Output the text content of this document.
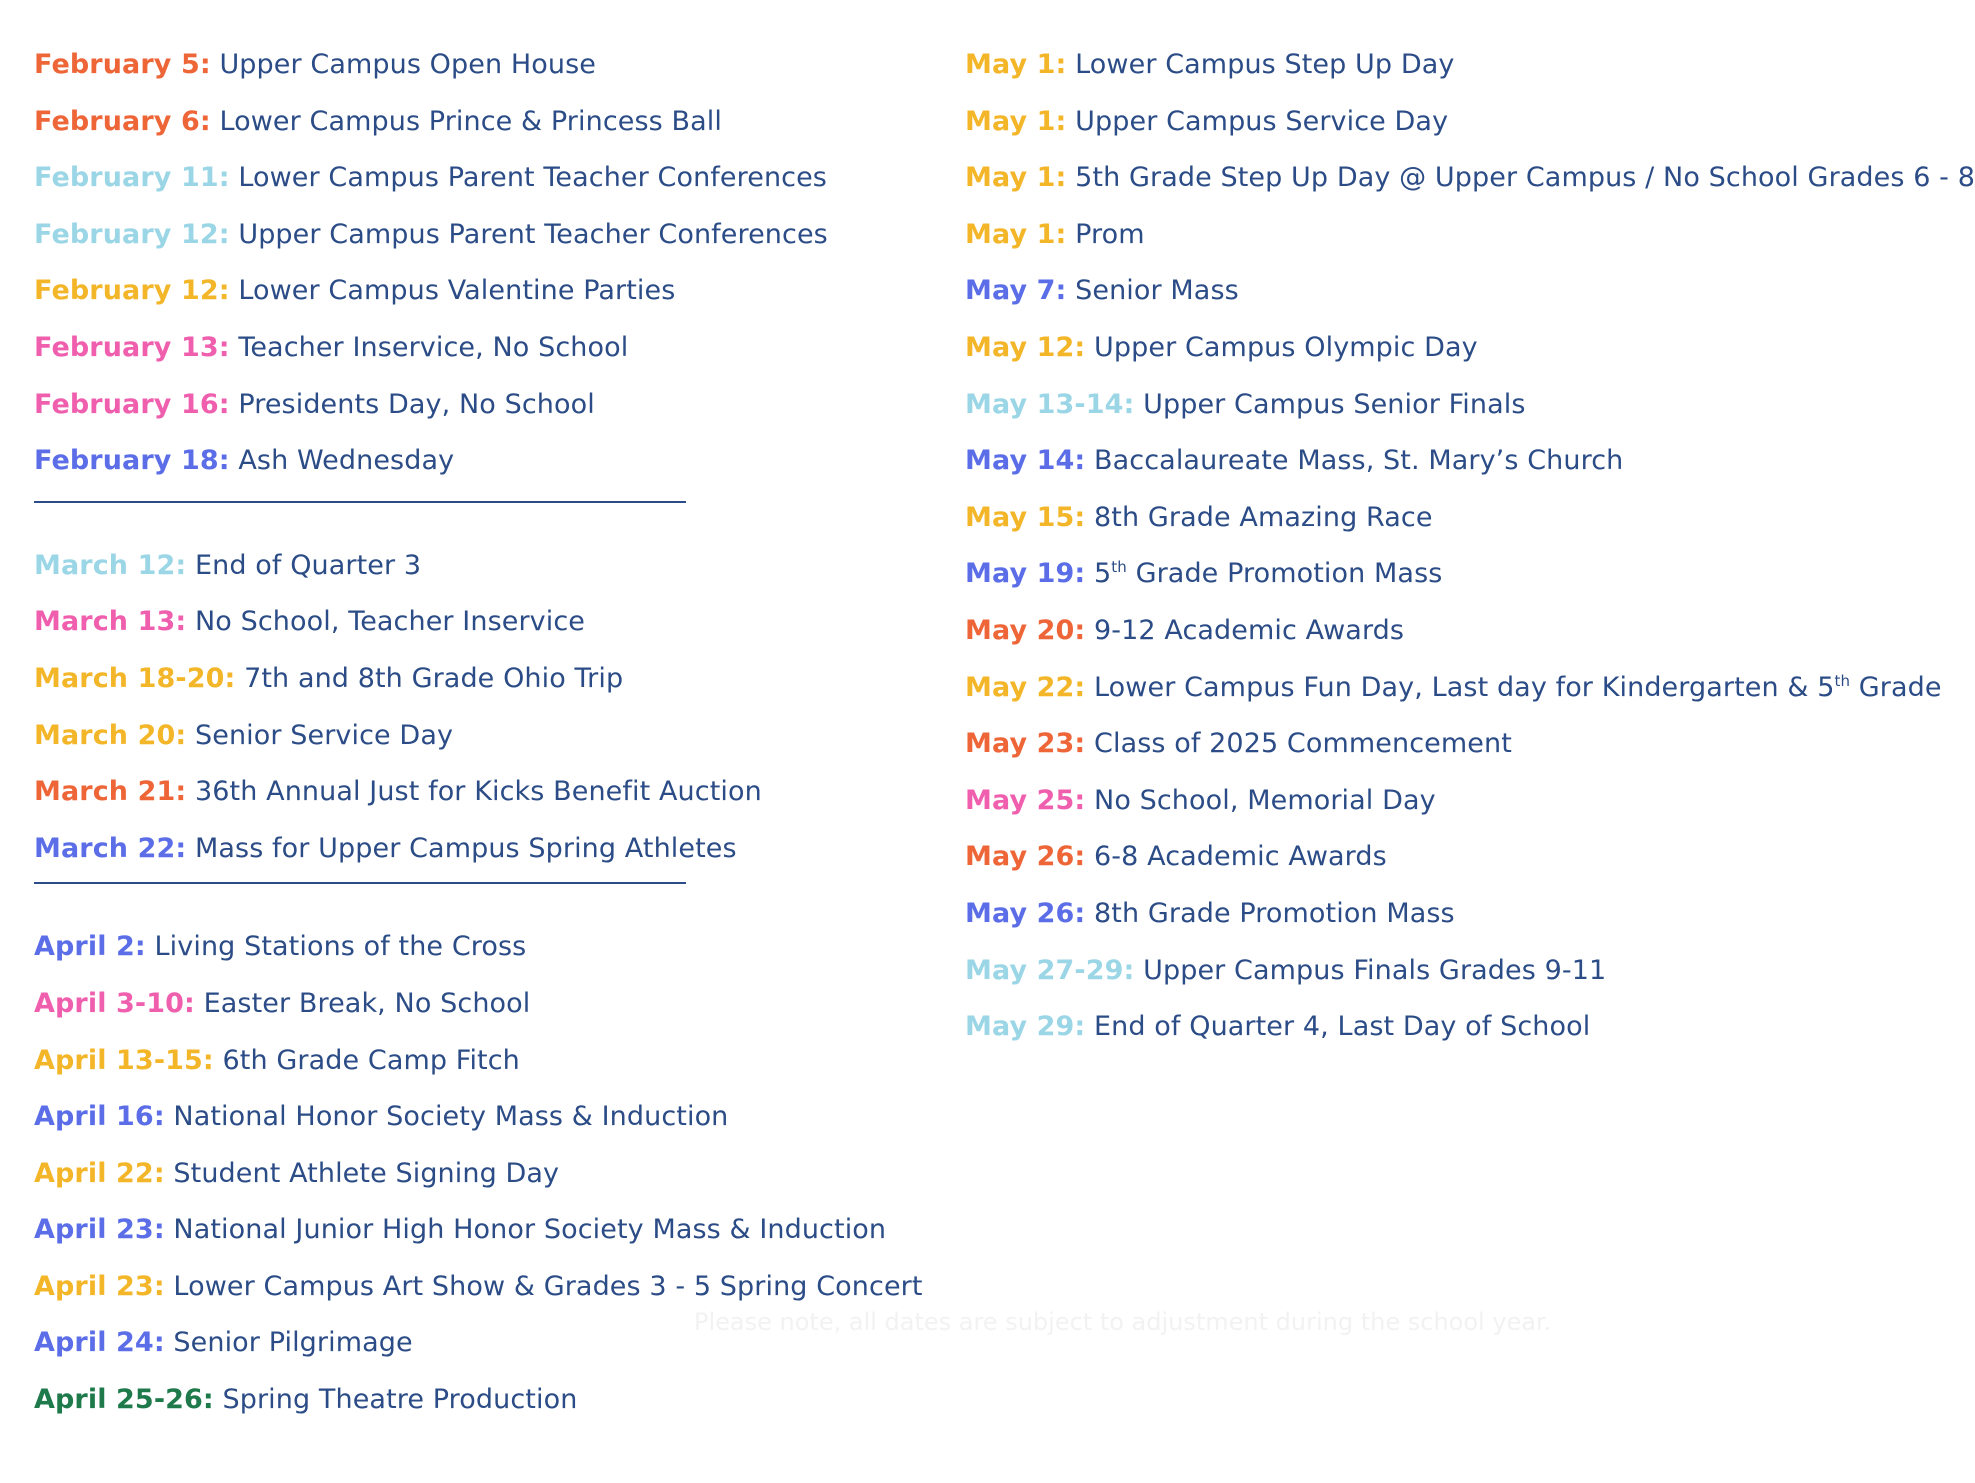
February 5: Upper Campus Open House
February 6: Lower Campus Prince & Princess Ball
February 11: Lower Campus Parent Teacher Conferences
February 12: Upper Campus Parent Teacher Conferences
February 12: Lower Campus Valentine Parties
February 13: Teacher Inservice, No School
February 16: Presidents Day, No School
February 18: Ash Wednesday
March 12: End of Quarter 3
March 13: No School, Teacher Inservice
March 18-20: 7th and 8th Grade Ohio Trip
March 20: Senior Service Day
March 21: 36th Annual Just for Kicks Benefit Auction
March 22: Mass for Upper Campus Spring Athletes
April 2: Living Stations of the Cross
April 3-10: Easter Break, No School
April 13-15: 6th Grade Camp Fitch
April 16: National Honor Society Mass & Induction
April 22: Student Athlete Signing Day
April 23: National Junior High Honor Society Mass & Induction
April 23: Lower Campus Art Show & Grades 3 - 5 Spring Concert
April 24: Senior Pilgrimage
April 25-26: Spring Theatre Production
May 1: Lower Campus Step Up Day
May 1: Upper Campus Service Day
May 1: 5th Grade Step Up Day @ Upper Campus / No School Grades 6 - 8
May 1: Prom
May 7: Senior Mass
May 12: Upper Campus Olympic Day
May 13-14: Upper Campus Senior Finals
May 14: Baccalaureate Mass, St. Mary’s Church
May 15: 8th Grade Amazing Race
May 19: 5th Grade Promotion Mass
May 20: 9-12 Academic Awards
May 22: Lower Campus Fun Day, Last day for Kindergarten & 5th Grade
May 23: Class of 2025 Commencement
May 25: No School, Memorial Day
May 26: 6-8 Academic Awards
May 26: 8th Grade Promotion Mass
May 27-29: Upper Campus Finals Grades 9-11
May 29: End of Quarter 4, Last Day of School
Please note, all dates are subject to adjustment during the school year.
